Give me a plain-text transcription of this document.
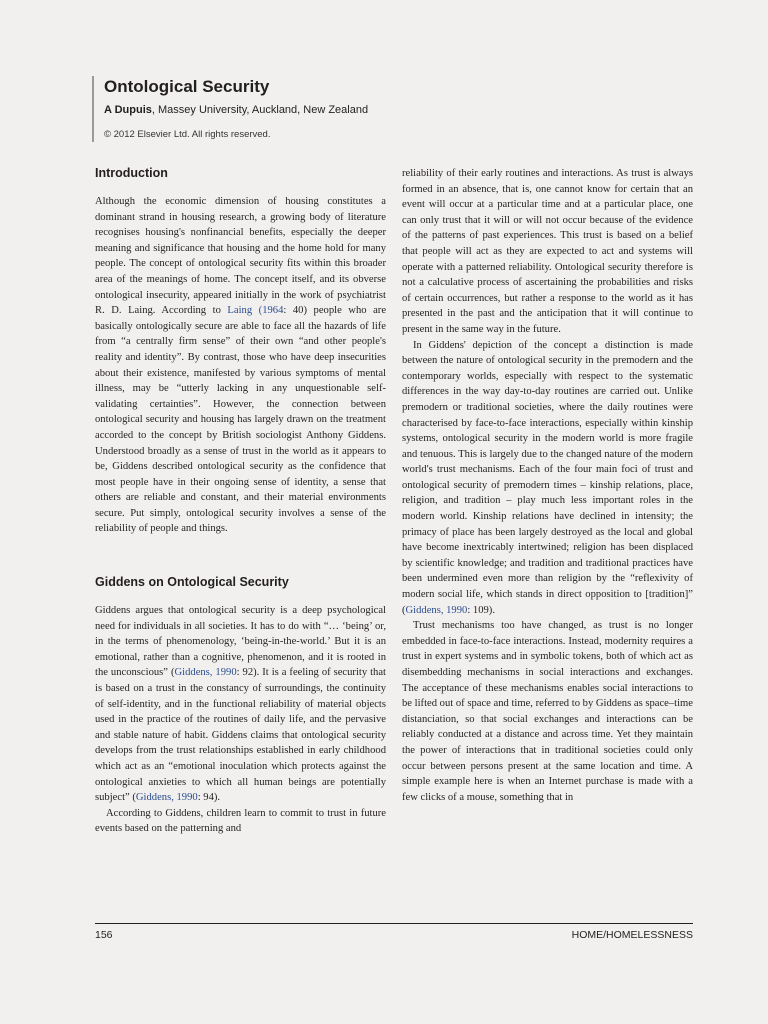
Ontological Security

A Dupuis, Massey University, Auckland, New Zealand

© 2012 Elsevier Ltd. All rights reserved.

Introduction

Although the economic dimension of housing constitutes a dominant strand in housing research, a growing body of literature recognises housing's nonfinancial benefits, especially the deeper meaning and significance that housing and the home hold for many people. The concept of ontological security fits within this broader area of the meanings of home. The concept itself, and its obverse ontological insecurity, appeared initially in the work of psychiatrist R. D. Laing. According to Laing (1964: 40) people who are basically ontologically secure are able to face all the hazards of life from “a centrally firm sense” of their own “and other people's reality and identity”. By contrast, those who have deep insecurities about their existence, manifested by various symptoms of mental illness, may be “utterly lacking in any unquestionable self-validating certainties”. However, the connection between ontological security and housing has largely drawn on the treatment accorded to the concept by British sociologist Anthony Giddens. Understood broadly as a sense of trust in the world as it appears to be, Giddens described ontological security as the confidence that most people have in their ongoing sense of identity, a sense that others are reliable and constant, and their material environments secure. Put simply, ontological security involves a sense of the reliability of people and things.

Giddens on Ontological Security

Giddens argues that ontological security is a deep psychological need for individuals in all societies. It has to do with “… ‘being’ or, in the terms of phenomenology, ‘being-in-the-world.’ But it is an emotional, rather than a cognitive, phenomenon, and it is rooted in the unconscious” (Giddens, 1990: 92). It is a feeling of security that is based on a trust in the constancy of surroundings, the continuity of self-identity, and in the functional reliability of material objects used in the practice of the routines of daily life, and the pervasive and stable nature of habit. Giddens claims that ontological security develops from the trust relationships established in early childhood which act as an “emotional inoculation which protects against the ontological anxieties to which all human beings are potentially subject” (Giddens, 1990: 94).

According to Giddens, children learn to commit to trust in future events based on the patterning and

reliability of their early routines and interactions. As trust is always formed in an absence, that is, one cannot know for certain that an event will occur at a particular time and at a particular place, one can only trust that it will or will not occur because of the evidence of the patterns of past experiences. This trust is based on a belief that people will act as they are expected to act and systems will operate with a patterned reliability. Ontological security therefore is not a calculative process of ascertaining the probabilities and risks of certain occurrences, but rather a response to the world as it has presented in the past and the anticipation that it will continue to present in the same way in the future.

In Giddens' depiction of the concept a distinction is made between the nature of ontological security in the premodern and the contemporary worlds, especially with respect to the systematic differences in the way day-to-day routines are carried out. Unlike premodern or traditional societies, where the daily routines were characterised by face-to-face interactions, especially within kinship systems, ontological security in the modern world is more fragile and tenuous. This is largely due to the changed nature of the modern world's trust mechanisms. Each of the four main foci of trust and ontological security of premodern times – kinship relations, place, religion, and tradition – play much less important roles in the modern world. Kinship relations have declined in intensity; the primacy of place has been largely destroyed as the local and global have become inextricably intertwined; religion has been displaced by scientific knowledge; and tradition and traditional practices have been undermined even more than religion by the “reflexivity of modern social life, which stands in direct opposition to [tradition]” (Giddens, 1990: 109).

Trust mechanisms too have changed, as trust is no longer embedded in face-to-face interactions. Instead, modernity requires a trust in expert systems and in symbolic tokens, both of which act as disembedding mechanisms in social interactions and exchanges. The acceptance of these mechanisms enables social interactions to be lifted out of space and time, referred to by Giddens as space–time distanciation, so that social exchanges and interactions can be reliably conducted at a distance and across time. Yet they maintain the power of interactions that in traditional societies could only occur between persons present at the same location and time. A simple example here is when an Internet purchase is made with a few clicks of a mouse, something that in

156	HOME/HOMELESSNESS
